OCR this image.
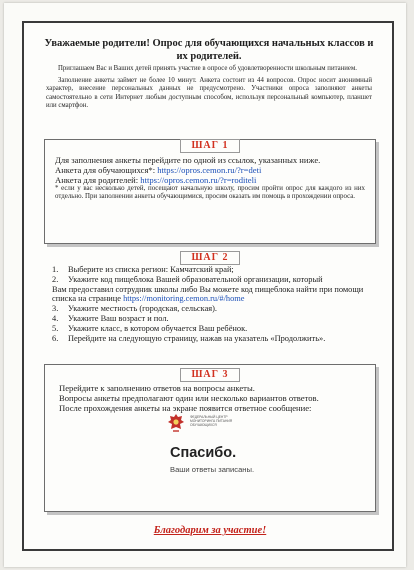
Уважаемые родители! Опрос для обучающихся начальных классов и их родителей.

Приглашаем Вас и Ваших детей принять участие в опросе об удовлетворенности школьным питанием.

Заполнение анкеты займет не более 10 минут. Анкета состоит из 44 вопросов. Опрос носит анонимный характер, внесение персональных данных не предусмотрено. Участники опроса заполняют анкеты самостоятельно в сети Интернет любым доступным способом, используя персональный компьютер, планшет или смартфон.

ШАГ 1
Для заполнения анкеты перейдите по одной из ссылок, указанных ниже.
Анкета для обучающихся*: https://opros.cemon.ru/?r=deti
Анкета для родителей: https://opros.cemon.ru/?r=roditeli
* если у вас несколько детей, посещают начальную школу, просим пройти опрос для каждого из них отдельно. При заполнении анкеты обучающимися, просим оказать им помощь в прохождении опроса.
ШАГ 2
1.	Выберите из списка регион: Камчатский край;
2.	Укажите код пищеблока Вашей образовательной организации, который
Вам предоставил сотрудник школы либо Вы можете код пищеблока найти при помощи списка на странице https://monitoring.cemon.ru/#/home
3.	Укажите местность (городская, сельская).
4.	Укажите Ваш возраст и пол.
5.	Укажите класс, в котором обучается Ваш ребёнок.
6.	Перейдите на следующую страницу, нажав на указатель «Продолжить».
ШАГ 3
Перейдите к заполнению ответов на вопросы анкеты.
Вопросы анкеты предполагают один или несколько вариантов ответов.
После прохождения анкеты на экране появится ответное сообщение:
ФЕДЕРАЛЬНЫЙ ЦЕНТР МОНИТОРИНГА ПИТАНИЯ ОБУЧАЮЩИХСЯ
Спасибо.
Ваши ответы записаны.
Благодарим за участие!
